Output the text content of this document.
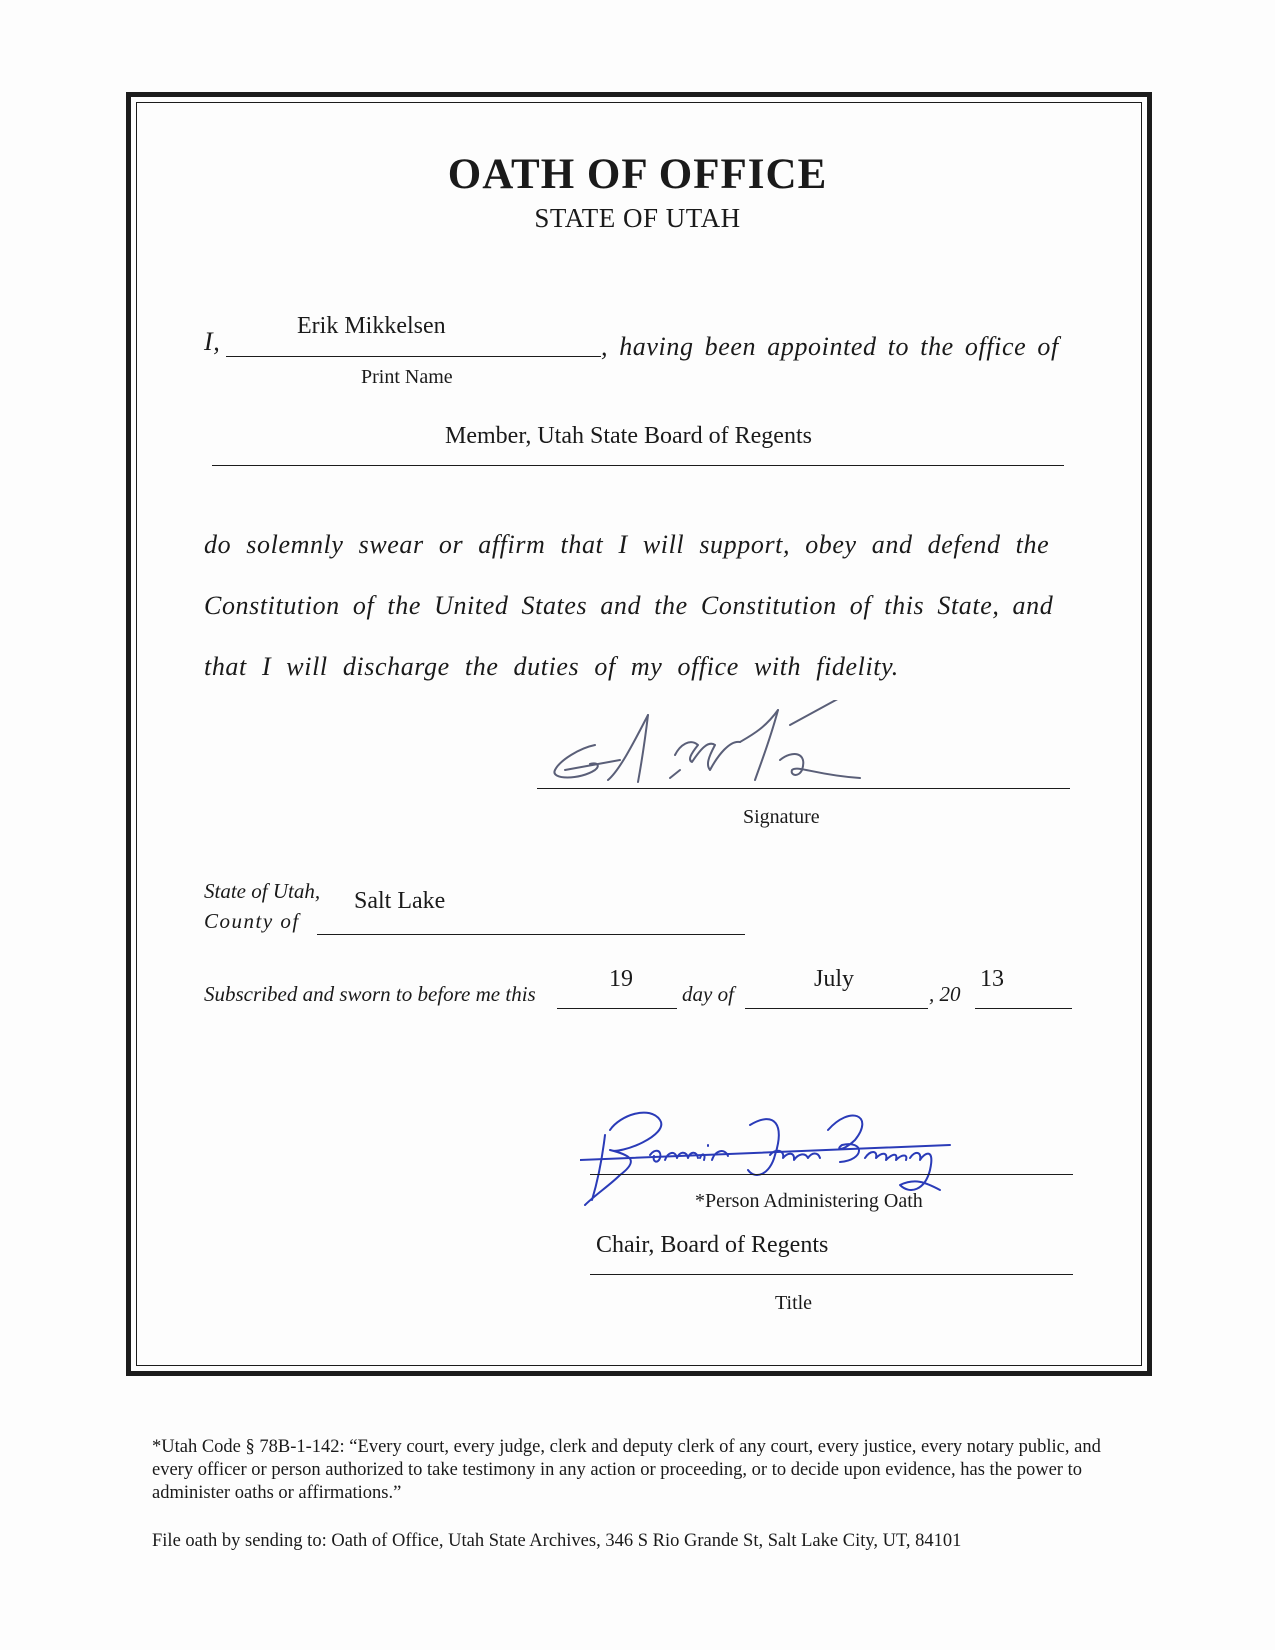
OATH OF OFFICE
STATE OF UTAH
I,
Erik Mikkelsen
, having been appointed to the office of
Print Name
Member, Utah State Board of Regents
do solemnly swear or affirm that I will support, obey and defend the
Constitution of the United States and the Constitution of this State, and
that I will discharge the duties of my office with fidelity.
Signature
State of Utah,
County of
Salt Lake
Subscribed and sworn to before me this
19
day of
July
, 20
13
*Person Administering Oath
Chair, Board of Regents
Title
*Utah Code § 78B-1-142: “Every court, every judge, clerk and deputy clerk of any court, every justice, every notary public, and every officer or person authorized to take testimony in any action or proceeding, or to decide upon evidence, has the power to administer oaths or affirmations.”
File oath by sending to: Oath of Office, Utah State Archives, 346 S Rio Grande St, Salt Lake City, UT, 84101
